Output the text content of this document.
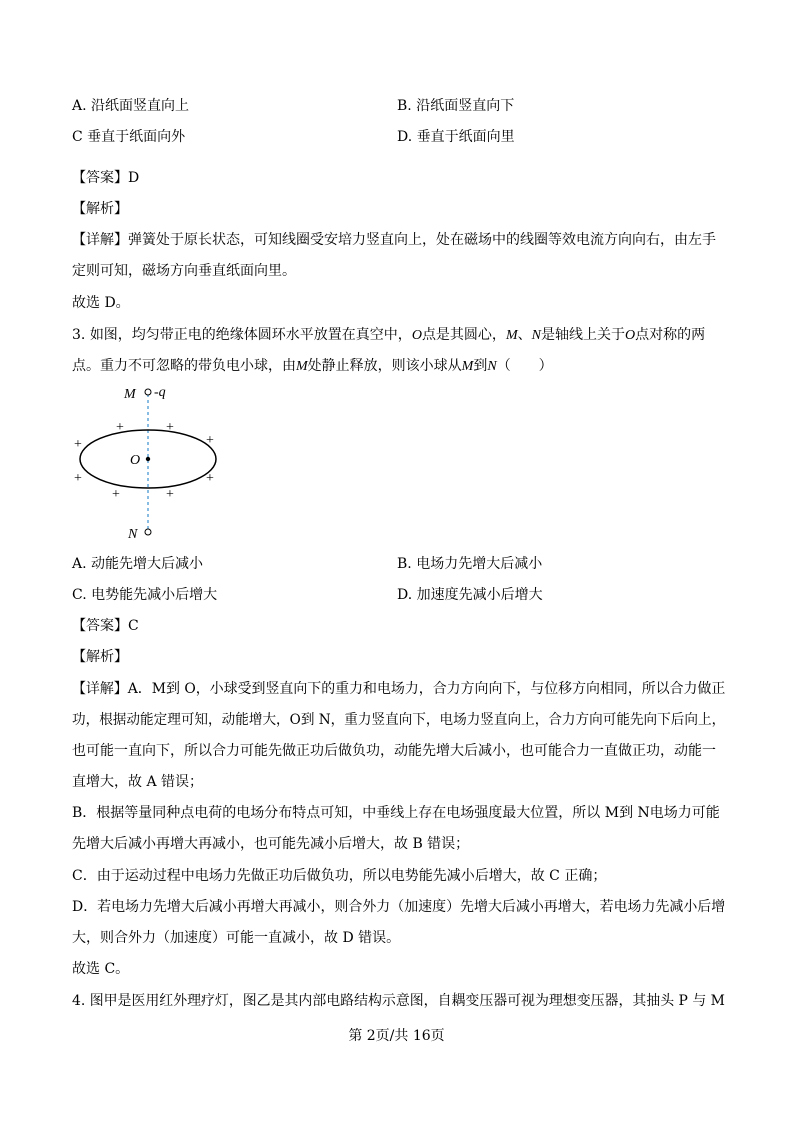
A. 沿纸面竖直向上	B. 沿纸面竖直向下
C 垂直于纸面向外	D. 垂直于纸面向里
【答案】D
【解析】
【详解】弹簧处于原长状态，可知线圈受安培力竖直向上，处在磁场中的线圈等效电流方向向右，由左手
定则可知，磁场方向垂直纸面向里。
故选 D。
3. 如图，均匀带正电的绝缘体圆环水平放置在真空中，O点是其圆心，M、N是轴线上关于O点对称的两
点。重力不可忽略的带负电小球，由M处静止释放，则该小球从M到N（　　）
M -q
O
N
+	+
+
+
+	+
+	+
A. 动能先增大后减小	B. 电场力先增大后减小
C. 电势能先减小后增大	D. 加速度先减小后增大
【答案】C
【解析】
【详解】A．M到 O，小球受到竖直向下的重力和电场力，合力方向向下，与位移方向相同，所以合力做正
功，根据动能定理可知，动能增大，O到 N，重力竖直向下，电场力竖直向上，合力方向可能先向下后向上，
也可能一直向下，所以合力可能先做正功后做负功，动能先增大后减小，也可能合力一直做正功，动能一
直增大，故 A 错误；
B．根据等量同种点电荷的电场分布特点可知，中垂线上存在电场强度最大位置，所以 M到 N电场力可能
先增大后减小再增大再减小，也可能先减小后增大，故 B 错误；
C．由于运动过程中电场力先做正功后做负功，所以电势能先减小后增大，故 C 正确；
D．若电场力先增大后减小再增大再减小，则合外力（加速度）先增大后减小再增大，若电场力先减小后增
大，则合外力（加速度）可能一直减小，故 D 错误。
故选 C。
4. 图甲是医用红外理疗灯，图乙是其内部电路结构示意图，自耦变压器可视为理想变压器，其抽头 P 与 M
第 2页/共 16页
